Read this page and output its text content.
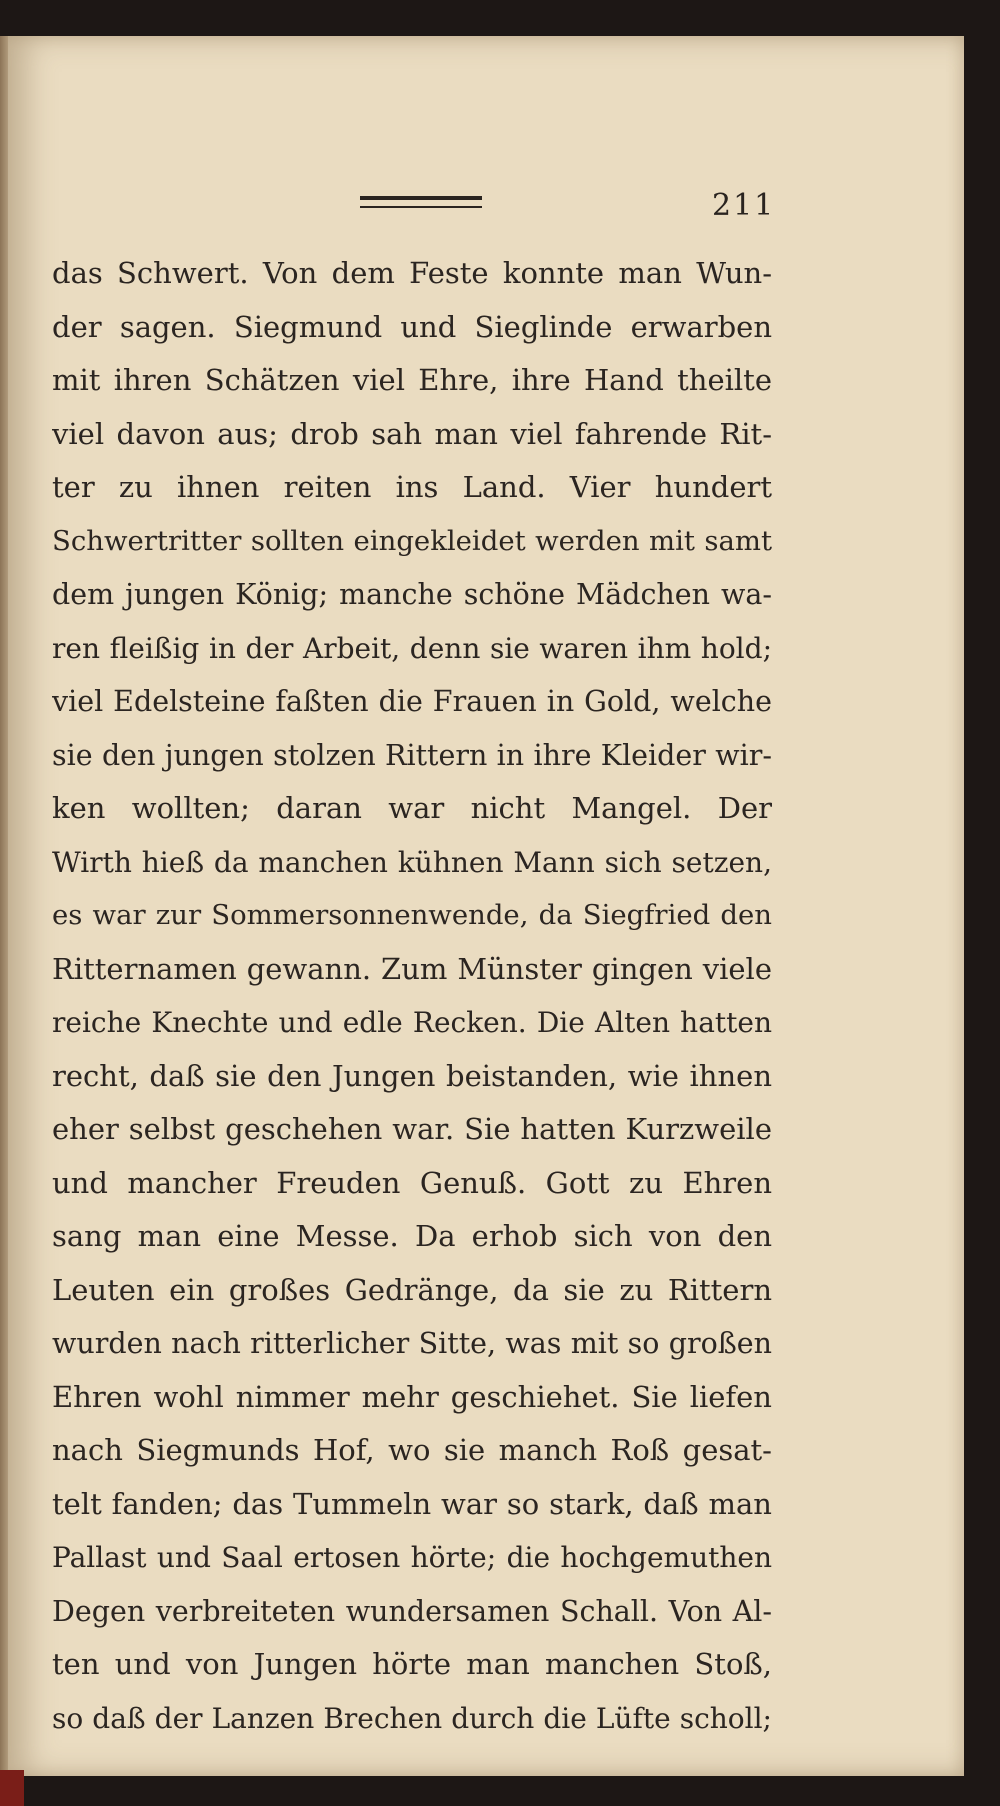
211
das Schwert. Von dem Feste konnte man Wun-
der sagen. Siegmund und Sieglinde erwarben
mit ihren Schätzen viel Ehre, ihre Hand theilte
viel davon aus; drob sah man viel fahrende Rit-
ter zu ihnen reiten ins Land. Vier hundert
Schwertritter sollten eingekleidet werden mit samt
dem jungen König; manche schöne Mädchen wa-
ren fleißig in der Arbeit, denn sie waren ihm hold;
viel Edelsteine faßten die Frauen in Gold, welche
sie den jungen stolzen Rittern in ihre Kleider wir-
ken wollten; daran war nicht Mangel. Der
Wirth hieß da manchen kühnen Mann sich setzen,
es war zur Sommersonnenwende, da Siegfried den
Ritternamen gewann. Zum Münster gingen viele
reiche Knechte und edle Recken. Die Alten hatten
recht, daß sie den Jungen beistanden, wie ihnen
eher selbst geschehen war. Sie hatten Kurzweile
und mancher Freuden Genuß. Gott zu Ehren
sang man eine Messe. Da erhob sich von den
Leuten ein großes Gedränge, da sie zu Rittern
wurden nach ritterlicher Sitte, was mit so großen
Ehren wohl nimmer mehr geschiehet. Sie liefen
nach Siegmunds Hof, wo sie manch Roß gesat-
telt fanden; das Tummeln war so stark, daß man
Pallast und Saal ertosen hörte; die hochgemuthen
Degen verbreiteten wundersamen Schall. Von Al-
ten und von Jungen hörte man manchen Stoß,
so daß der Lanzen Brechen durch die Lüfte scholl;
